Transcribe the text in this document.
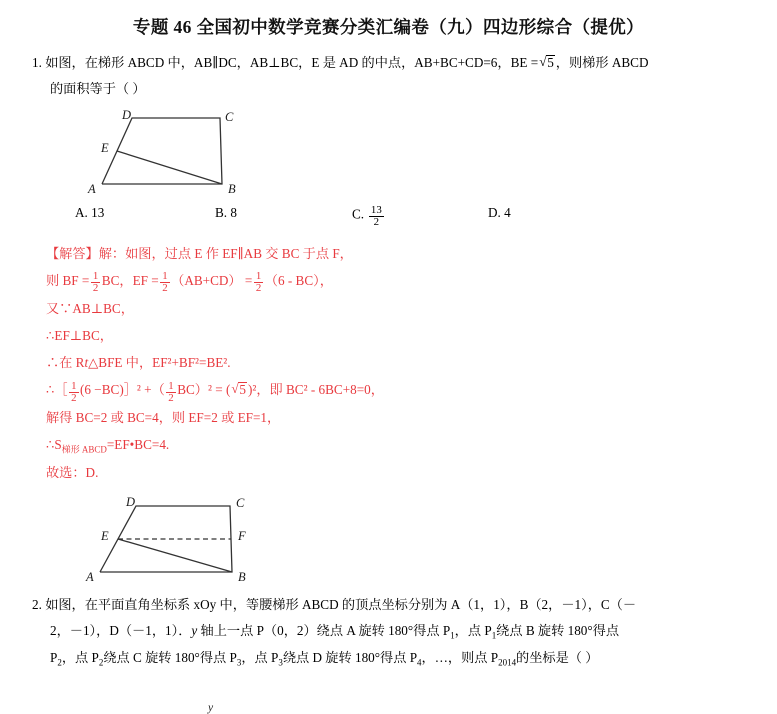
专题 46 全国初中数学竞赛分类汇编卷（九）四边形综合（提优）
1. 如图，在梯形 ABCD 中，AB∥DC，AB⊥BC，E 是 AD 的中点，AB+BC+CD=6，BE = √ 5 ，则梯形 ABCD
的面积等于（ ）
A	B
C
D
E
A. 13	B. 8	C. $\frac{13}{2}$	D. 4
【解答】解：如图，过点 E 作 EF∥AB 交 BC 于点 F，
则 BF = $\frac{1}{2}$ BC，EF = $\frac{1}{2} (AB+CD) = \frac{1}{2} (6 - BC)$，
又∵AB⊥BC，
∴EF⊥BC，
∴在 Rt△BFE 中，EF²+BF²=BE².
∴［ $\frac{1}{2} (6$ −BC)］² +（ $\frac{1}{2} BC)^2$ = ( √ 5 )²，即 BC² - 6BC+8=0，
解得 BC=2 或 BC=4，则 EF=2 或 EF=1，
$\therefore S_{梯形 ABCD}=EF•BC=4$.
故选：D.
A	B
C
D
E	F
2. 如图，在平面直角坐标系 xOy 中，等腰梯形 ABCD 的顶点坐标分别为 A（1，1），B（2，－1），C（－
2，－1），D（－1，1）．y 轴上一点 P（0，2）绕点 A 旋转 180°得点 $P_1$，点 $P_1$绕点 B 旋转 180°得点
$P_2$，点 $P_2$绕点 C 旋转 180°得点 $P_3$，点 $P_3$绕点 D 旋转 180°得点 $P_4$，…，则点 $P_{2014}$的坐标是（ ）
y
